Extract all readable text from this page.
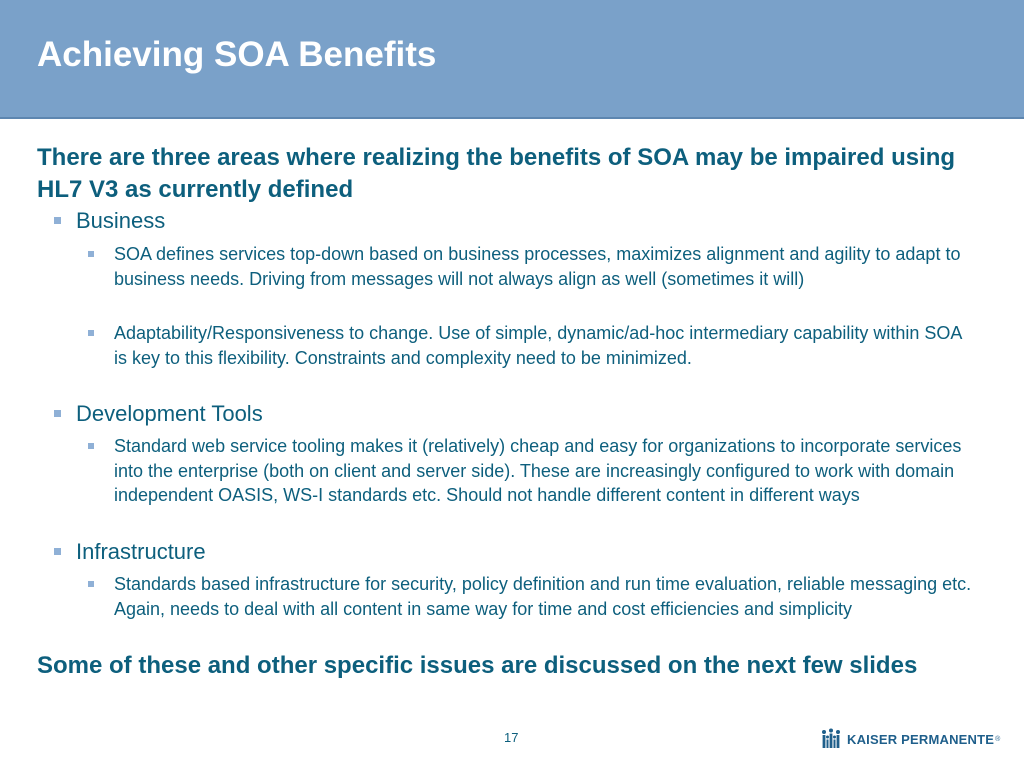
Achieving SOA Benefits
There are three areas where realizing the benefits of SOA may be impaired using HL7 V3 as currently defined
Business
SOA defines services top-down based on business processes, maximizes alignment and agility to adapt to business needs. Driving from messages will not always align as well (sometimes it will)
Adaptability/Responsiveness to change. Use of simple, dynamic/ad-hoc intermediary capability within SOA is key to this flexibility. Constraints and complexity need to be minimized.
Development Tools
Standard web service tooling makes it (relatively) cheap and easy for organizations to incorporate services into the enterprise (both on client and server side). These are increasingly configured to work with domain independent OASIS, WS-I standards etc. Should not handle different content in different ways
Infrastructure
Standards based infrastructure for security, policy definition and run time evaluation, reliable messaging etc. Again, needs to deal with all content in same way for time and cost efficiencies and simplicity
Some of these and other specific issues are discussed on the next few slides
17	KAISER PERMANENTE ®
